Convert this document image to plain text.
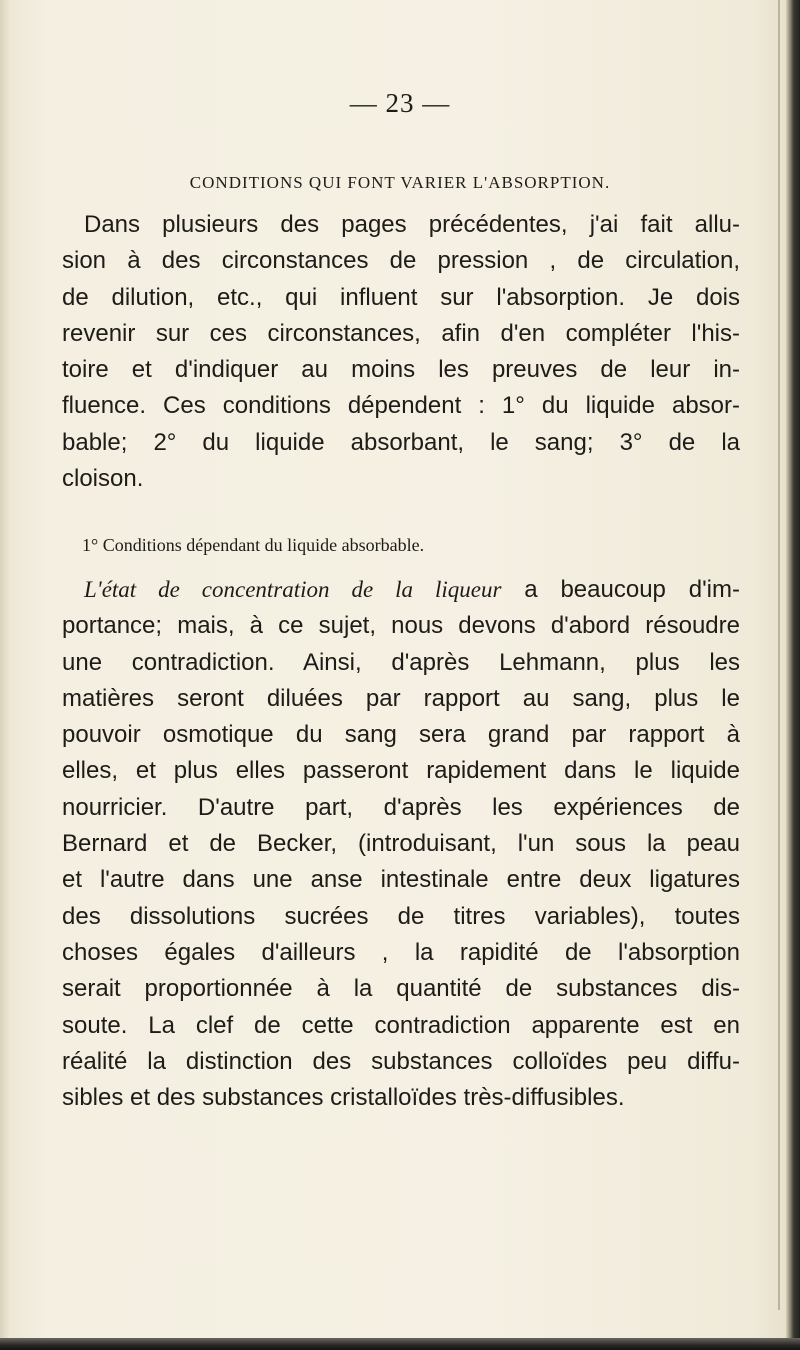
— 23 —
CONDITIONS QUI FONT VARIER L'ABSORPTION.
Dans plusieurs des pages précédentes, j'ai fait allu-
sion à des circonstances de pression , de circulation,
de dilution, etc., qui influent sur l'absorption. Je dois
revenir sur ces circonstances, afin d'en compléter l'his-
toire et d'indiquer au moins les preuves de leur in-
fluence. Ces conditions dépendent : 1° du liquide absor-
bable; 2° du liquide absorbant, le sang; 3° de la
cloison.
1° Conditions dépendant du liquide absorbable.
L'état de concentration de la liqueur a beaucoup d'im-
portance; mais, à ce sujet, nous devons d'abord résoudre
une contradiction. Ainsi, d'après Lehmann, plus les
matières seront diluées par rapport au sang, plus le
pouvoir osmotique du sang sera grand par rapport à
elles, et plus elles passeront rapidement dans le liquide
nourricier. D'autre part, d'après les expériences de
Bernard et de Becker, (introduisant, l'un sous la peau
et l'autre dans une anse intestinale entre deux ligatures
des dissolutions sucrées de titres variables), toutes
choses égales d'ailleurs , la rapidité de l'absorption
serait proportionnée à la quantité de substances dis-
soute. La clef de cette contradiction apparente est en
réalité la distinction des substances colloïdes peu diffu-
sibles et des substances cristalloïdes très-diffusibles.
